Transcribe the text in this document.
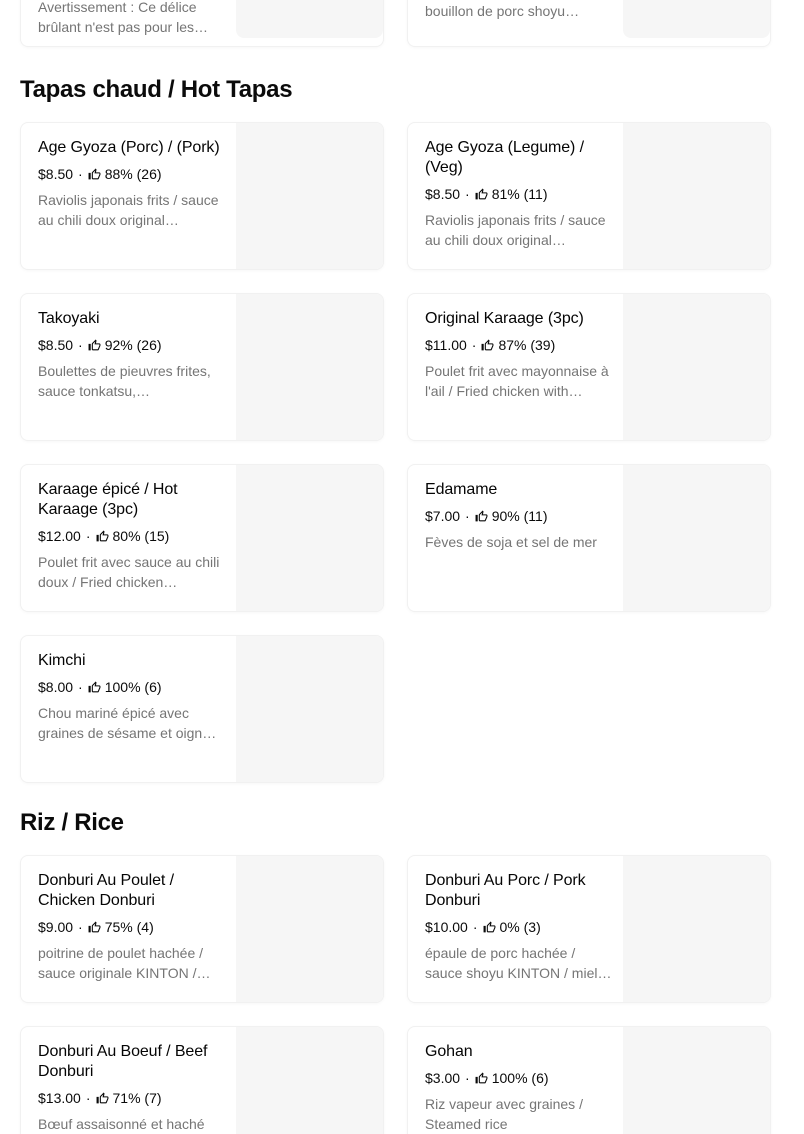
Avertissement : Ce délice brûlant n'est pas pour les…

bouillon de porc shoyu…

Tapas chaud / Hot Tapas
Age Gyoza (Porc) / (Pork)
$8.50 · 88% (26)

Raviolis japonais frits / sauce au chili doux original…

Age Gyoza (Legume) / (Veg)
$8.50 · 81% (11)

Raviolis japonais frits / sauce au chili doux original…

Takoyaki
$8.50 · 92% (26)

Boulettes de pieuvres frites, sauce tonkatsu,…

Original Karaage (3pc)
$11.00 · 87% (39)

Poulet frit avec mayonnaise à l'ail / Fried chicken with…

Karaage épicé / Hot Karaage (3pc)
$12.00 · 80% (15)

Poulet frit avec sauce au chili doux / Fried chicken…

Edamame
$7.00 · 90% (11)

Fèves de soja et sel de mer

Kimchi
$8.00 · 100% (6)

Chou mariné épicé avec graines de sésame et oign…

Riz / Rice
Donburi Au Poulet / Chicken Donburi
$9.00 · 75% (4)

poitrine de poulet hachée / sauce originale KINTON /…

Donburi Au Porc / Pork Donburi
$10.00 · 0% (3)

épaule de porc hachée / sauce shoyu KINTON / miel…

Donburi Au Boeuf / Beef Donburi
$13.00 · 71% (7)

Bœuf assaisonné et haché

Gohan
$3.00 · 100% (6)

Riz vapeur avec graines / Steamed rice
